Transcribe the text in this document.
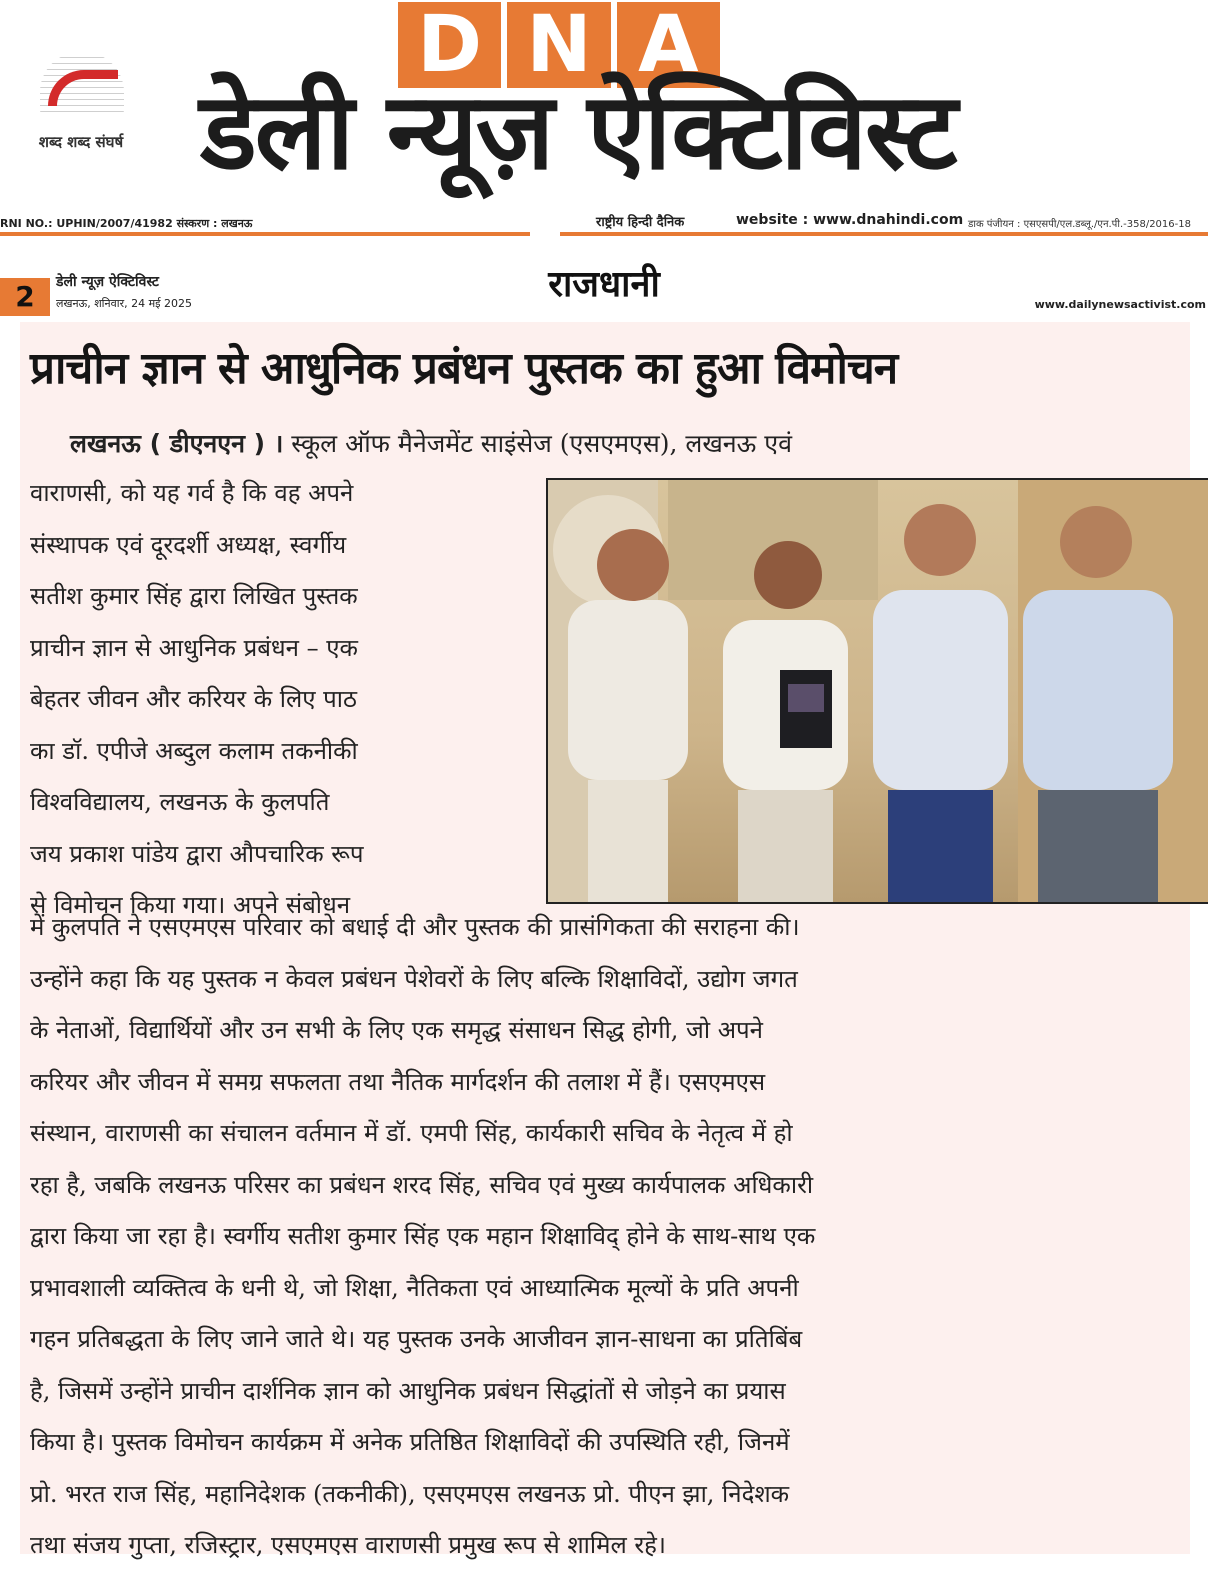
शब्द शब्द संघर्ष
D N A
डेली न्यूज़ ऐक्टिविस्ट
RNI NO.: UPHIN/2007/41982 संस्करण : लखनऊ	राष्ट्रीय हिन्दी दैनिक	website : www.dnahindi.com डाक पंजीयन : एसएसपी/एल.डब्लू./एन.पी.-358/2016-18
2	डेली न्यूज़ ऐक्टिविस्ट
लखनऊ, शनिवार, 24 मई 2025	राजधानी	www.dailynewsactivist.com
प्राचीन ज्ञान से आधुनिक प्रबंधन पुस्तक का हुआ विमोचन
लखनऊ ( डीएनएन ) । स्कूल ऑफ मैनेजमेंट साइंसेज (एसएमएस), लखनऊ एवं
वाराणसी, को यह गर्व है कि वह अपने
संस्थापक एवं दूरदर्शी अध्यक्ष, स्वर्गीय
सतीश कुमार सिंह द्वारा लिखित पुस्तक
प्राचीन ज्ञान से आधुनिक प्रबंधन – एक
बेहतर जीवन और करियर के लिए पाठ
का डॉ. एपीजे अब्दुल कलाम तकनीकी
विश्वविद्यालय, लखनऊ के कुलपति
जय प्रकाश पांडेय द्वारा औपचारिक रूप
से विमोचन किया गया। अपने संबोधन
में कुलपति ने एसएमएस परिवार को बधाई दी और पुस्तक की प्रासंगिकता की सराहना की।
उन्होंने कहा कि यह पुस्तक न केवल प्रबंधन पेशेवरों के लिए बल्कि शिक्षाविदों, उद्योग जगत
के नेताओं, विद्यार्थियों और उन सभी के लिए एक समृद्ध संसाधन सिद्ध होगी, जो अपने
करियर और जीवन में समग्र सफलता तथा नैतिक मार्गदर्शन की तलाश में हैं। एसएमएस
संस्थान, वाराणसी का संचालन वर्तमान में डॉ. एमपी सिंह, कार्यकारी सचिव के नेतृत्व में हो
रहा है, जबकि लखनऊ परिसर का प्रबंधन शरद सिंह, सचिव एवं मुख्य कार्यपालक अधिकारी
द्वारा किया जा रहा है। स्वर्गीय सतीश कुमार सिंह एक महान शिक्षाविद् होने के साथ-साथ एक
प्रभावशाली व्यक्तित्व के धनी थे, जो शिक्षा, नैतिकता एवं आध्यात्मिक मूल्यों के प्रति अपनी
गहन प्रतिबद्धता के लिए जाने जाते थे। यह पुस्तक उनके आजीवन ज्ञान-साधना का प्रतिबिंब
है, जिसमें उन्होंने प्राचीन दार्शनिक ज्ञान को आधुनिक प्रबंधन सिद्धांतों से जोड़ने का प्रयास
किया है। पुस्तक विमोचन कार्यक्रम में अनेक प्रतिष्ठित शिक्षाविदों की उपस्थिति रही, जिनमें
प्रो. भरत राज सिंह, महानिदेशक (तकनीकी), एसएमएस लखनऊ प्रो. पीएन झा, निदेशक
तथा संजय गुप्ता, रजिस्ट्रार, एसएमएस वाराणसी प्रमुख रूप से शामिल रहे।
